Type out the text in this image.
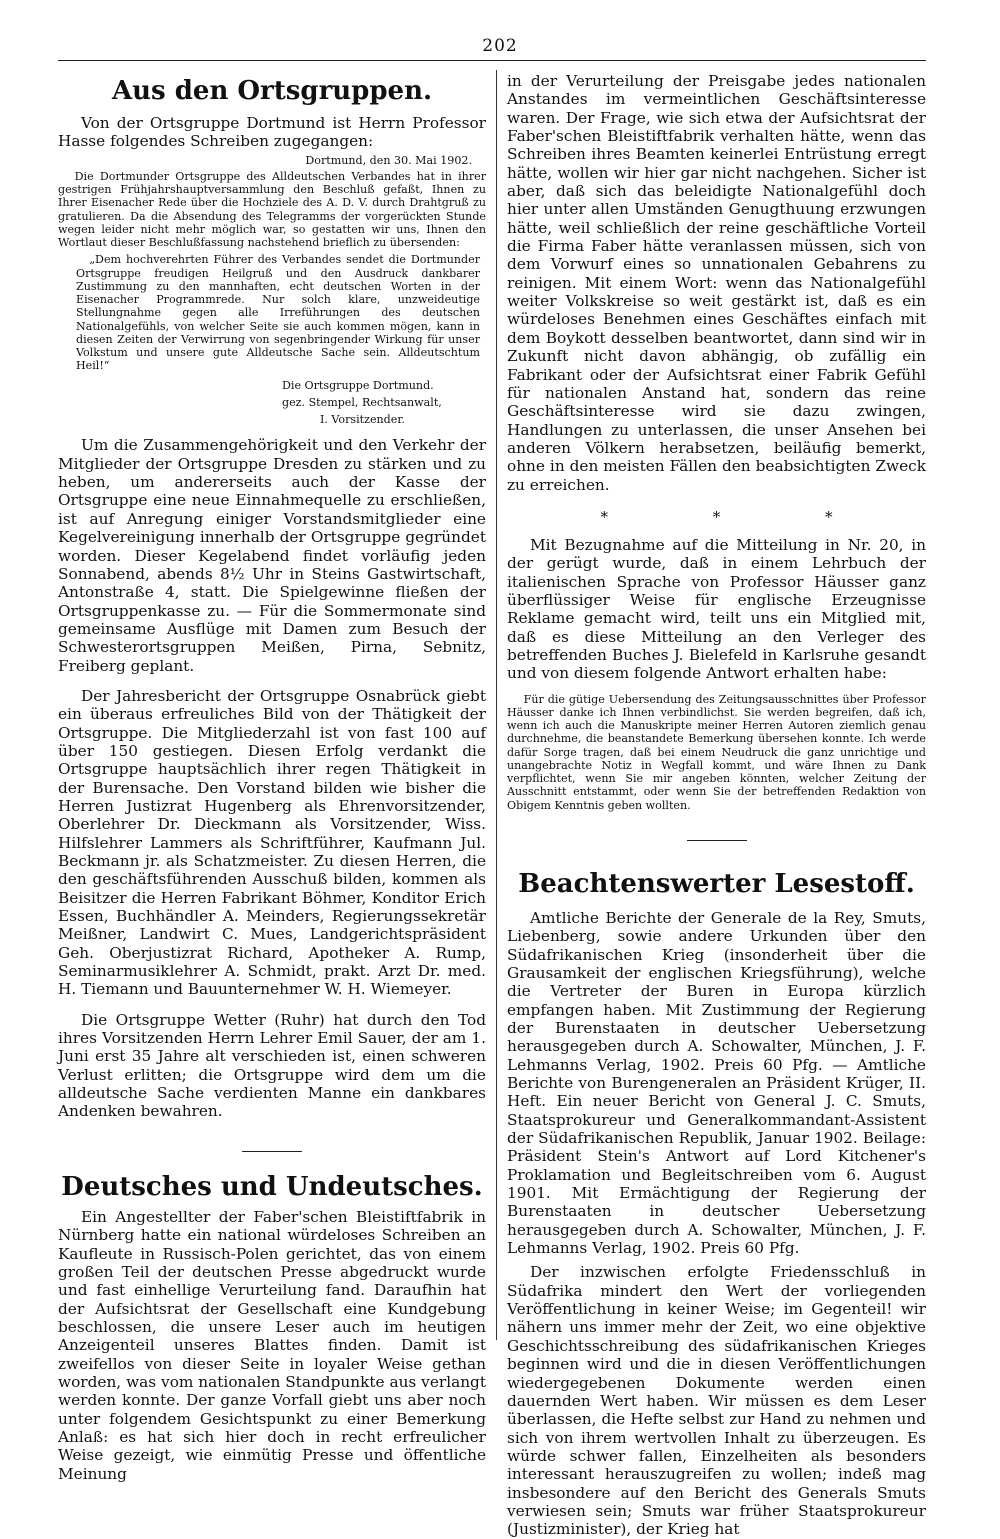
202
Aus den Ortsgruppen.
Von der Ortsgruppe Dortmund ist Herrn Professor Hasse folgendes Schreiben zugegangen:
Dortmund, den 30. Mai 1902.
Die Dortmunder Ortsgruppe des Alldeutschen Verbandes hat in ihrer gestrigen Frühjahrshauptversammlung den Beschluß gefaßt, Ihnen zu Ihrer Eisenacher Rede über die Hochziele des A. D. V. durch Drahtgruß zu gratulieren. Da die Absendung des Telegramms der vorgerückten Stunde wegen leider nicht mehr möglich war, so gestatten wir uns, Ihnen den Wortlaut dieser Beschlußfassung nachstehend brieflich zu übersenden:
„Dem hochverehrten Führer des Verbandes sendet die Dortmunder Ortsgruppe freudigen Heilgruß und den Ausdruck dankbarer Zustimmung zu den mannhaften, echt deutschen Worten in der Eisenacher Programmrede. Nur solch klare, unzweideutige Stellungnahme gegen alle Irreführungen des deutschen Nationalgefühls, von welcher Seite sie auch kommen mögen, kann in diesen Zeiten der Verwirrung von segenbringender Wirkung für unser Volkstum und unsere gute Alldeutsche Sache sein. Alldeutschtum Heil!“
Die Ortsgruppe Dortmund.
gez. Stempel, Rechtsanwalt,
I. Vorsitzender.
Um die Zusammengehörigkeit und den Verkehr der Mitglieder der Ortsgruppe Dresden zu stärken und zu heben, um andererseits auch der Kasse der Ortsgruppe eine neue Einnahmequelle zu erschließen, ist auf Anregung einiger Vorstandsmitglieder eine Kegelvereinigung innerhalb der Ortsgruppe gegründet worden. Dieser Kegelabend findet vorläufig jeden Sonnabend, abends 8½ Uhr in Steins Gastwirtschaft, Antonstraße 4, statt. Die Spielgewinne fließen der Ortsgruppenkasse zu. — Für die Sommermonate sind gemeinsame Ausflüge mit Damen zum Besuch der Schwesterortsgruppen Meißen, Pirna, Sebnitz, Freiberg geplant.
Der Jahresbericht der Ortsgruppe Osnabrück giebt ein überaus erfreuliches Bild von der Thätigkeit der Ortsgruppe. Die Mitgliederzahl ist von fast 100 auf über 150 gestiegen. Diesen Erfolg verdankt die Ortsgruppe hauptsächlich ihrer regen Thätigkeit in der Burensache. Den Vorstand bilden wie bisher die Herren Justizrat Hugenberg als Ehrenvorsitzender, Oberlehrer Dr. Dieckmann als Vorsitzender, Wiss. Hilfslehrer Lammers als Schriftführer, Kaufmann Jul. Beckmann jr. als Schatzmeister. Zu diesen Herren, die den geschäftsführenden Ausschuß bilden, kommen als Beisitzer die Herren Fabrikant Böhmer, Konditor Erich Essen, Buchhändler A. Meinders, Regierungssekretär Meißner, Landwirt C. Mues, Landgerichtspräsident Geh. Oberjustizrat Richard, Apotheker A. Rump, Seminarmusiklehrer A. Schmidt, prakt. Arzt Dr. med. H. Tiemann und Bauunternehmer W. H. Wiemeyer.
Die Ortsgruppe Wetter (Ruhr) hat durch den Tod ihres Vorsitzenden Herrn Lehrer Emil Sauer, der am 1. Juni erst 35 Jahre alt verschieden ist, einen schweren Verlust erlitten; die Ortsgruppe wird dem um die alldeutsche Sache verdienten Manne ein dankbares Andenken bewahren.
Deutsches und Undeutsches.
Ein Angestellter der Faber'schen Bleistiftfabrik in Nürnberg hatte ein national würdeloses Schreiben an Kaufleute in Russisch-Polen gerichtet, das von einem großen Teil der deutschen Presse abgedruckt wurde und fast einhellige Verurteilung fand. Daraufhin hat der Aufsichtsrat der Gesellschaft eine Kundgebung beschlossen, die unsere Leser auch im heutigen Anzeigenteil unseres Blattes finden. Damit ist zweifellos von dieser Seite in loyaler Weise gethan worden, was vom nationalen Standpunkte aus verlangt werden konnte. Der ganze Vorfall giebt uns aber noch unter folgendem Gesichtspunkt zu einer Bemerkung Anlaß: es hat sich hier doch in recht erfreulicher Weise gezeigt, wie einmütig Presse und öffentliche Meinung
in der Verurteilung der Preisgabe jedes nationalen Anstandes im vermeintlichen Geschäftsinteresse waren. Der Frage, wie sich etwa der Aufsichtsrat der Faber'schen Bleistiftfabrik verhalten hätte, wenn das Schreiben ihres Beamten keinerlei Entrüstung erregt hätte, wollen wir hier gar nicht nachgehen. Sicher ist aber, daß sich das beleidigte Nationalgefühl doch hier unter allen Umständen Genugthuung erzwungen hätte, weil schließlich der reine geschäftliche Vorteil die Firma Faber hätte veranlassen müssen, sich von dem Vorwurf eines so unnationalen Gebahrens zu reinigen. Mit einem Wort: wenn das Nationalgefühl weiter Volkskreise so weit gestärkt ist, daß es ein würdeloses Benehmen eines Geschäftes einfach mit dem Boykott desselben beantwortet, dann sind wir in Zukunft nicht davon abhängig, ob zufällig ein Fabrikant oder der Aufsichtsrat einer Fabrik Gefühl für nationalen Anstand hat, sondern das reine Geschäftsinteresse wird sie dazu zwingen, Handlungen zu unterlassen, die unser Ansehen bei anderen Völkern herabsetzen, beiläufig bemerkt, ohne in den meisten Fällen den beabsichtigten Zweck zu erreichen.
* * *
Mit Bezugnahme auf die Mitteilung in Nr. 20, in der gerügt wurde, daß in einem Lehrbuch der italienischen Sprache von Professor Häusser ganz überflüssiger Weise für englische Erzeugnisse Reklame gemacht wird, teilt uns ein Mitglied mit, daß es diese Mitteilung an den Verleger des betreffenden Buches J. Bielefeld in Karlsruhe gesandt und von diesem folgende Antwort erhalten habe:
Für die gütige Uebersendung des Zeitungsausschnittes über Professor Häusser danke ich Ihnen verbindlichst. Sie werden begreifen, daß ich, wenn ich auch die Manuskripte meiner Herren Autoren ziemlich genau durchnehme, die beanstandete Bemerkung übersehen konnte. Ich werde dafür Sorge tragen, daß bei einem Neudruck die ganz unrichtige und unangebrachte Notiz in Wegfall kommt, und wäre Ihnen zu Dank verpflichtet, wenn Sie mir angeben könnten, welcher Zeitung der Ausschnitt entstammt, oder wenn Sie der betreffenden Redaktion von Obigem Kenntnis geben wollten.
Beachtenswerter Lesestoff.
Amtliche Berichte der Generale de la Rey, Smuts, Liebenberg, sowie andere Urkunden über den Südafrikanischen Krieg (insonderheit über die Grausamkeit der englischen Kriegsführung), welche die Vertreter der Buren in Europa kürzlich empfangen haben. Mit Zustimmung der Regierung der Burenstaaten in deutscher Uebersetzung herausgegeben durch A. Schowalter, München, J. F. Lehmanns Verlag, 1902. Preis 60 Pfg. — Amtliche Berichte von Burengeneralen an Präsident Krüger, II. Heft. Ein neuer Bericht von General J. C. Smuts, Staatsprokureur und Generalkommandant-Assistent der Südafrikanischen Republik, Januar 1902. Beilage: Präsident Stein's Antwort auf Lord Kitchener's Proklamation und Begleitschreiben vom 6. August 1901. Mit Ermächtigung der Regierung der Burenstaaten in deutscher Uebersetzung herausgegeben durch A. Schowalter, München, J. F. Lehmanns Verlag, 1902. Preis 60 Pfg.
Der inzwischen erfolgte Friedensschluß in Südafrika mindert den Wert der vorliegenden Veröffentlichung in keiner Weise; im Gegenteil! wir nähern uns immer mehr der Zeit, wo eine objektive Geschichtsschreibung des südafrikanischen Krieges beginnen wird und die in diesen Veröffentlichungen wiedergegebenen Dokumente werden einen dauernden Wert haben. Wir müssen es dem Leser überlassen, die Hefte selbst zur Hand zu nehmen und sich von ihrem wertvollen Inhalt zu überzeugen. Es würde schwer fallen, Einzelheiten als besonders interessant herauszugreifen zu wollen; indeß mag insbesondere auf den Bericht des Generals Smuts verwiesen sein; Smuts war früher Staatsprokureur (Justizminister), der Krieg hat
